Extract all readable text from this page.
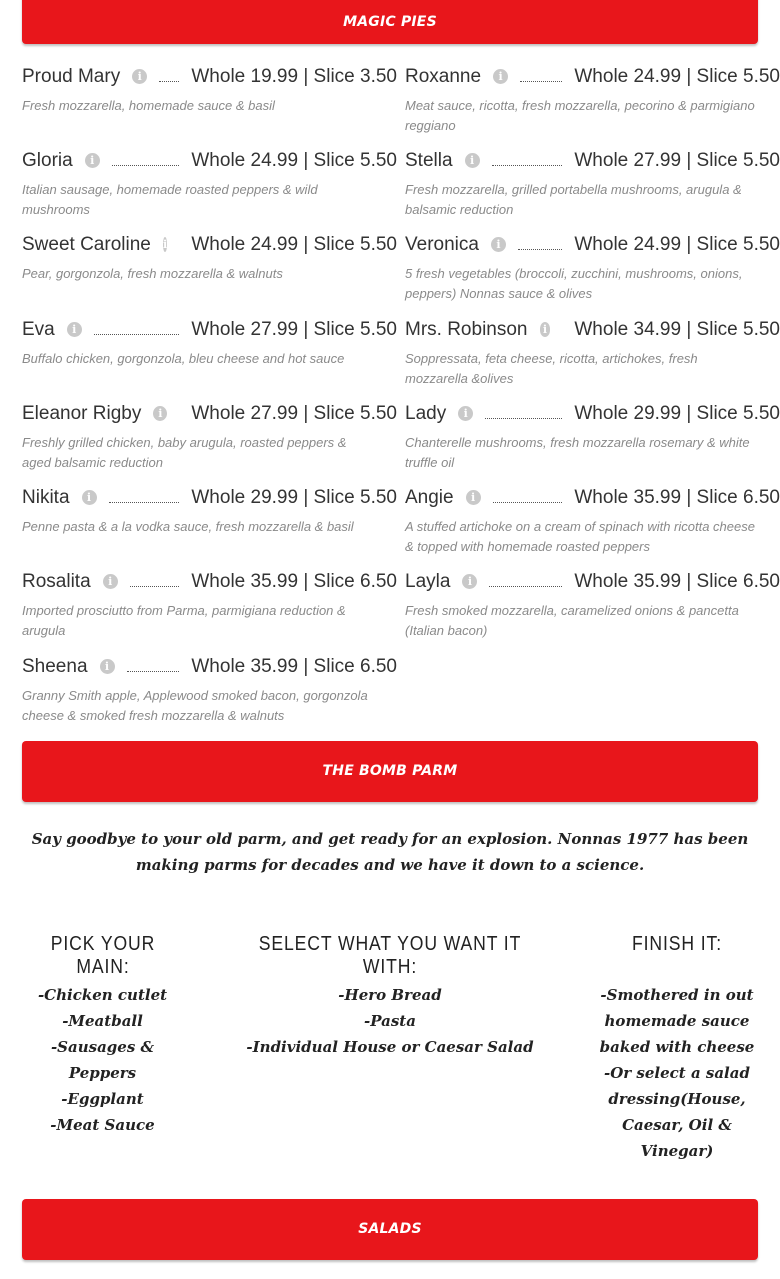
MAGIC PIES
Proud Mary	i	Whole 19.99 | Slice 3.50
Fresh mozzarella, homemade sauce & basil
Roxanne	i	Whole 24.99 | Slice 5.50
Meat sauce, ricotta, fresh mozzarella, pecorino & parmigiano reggiano
Gloria	i	Whole 24.99 | Slice 5.50
Italian sausage, homemade roasted peppers & wild mushrooms
Stella	i	Whole 27.99 | Slice 5.50
Fresh mozzarella, grilled portabella mushrooms, arugula & balsamic reduction
Sweet Caroline i Whole 24.99 | Slice 5.50
Pear, gorgonzola, fresh mozzarella & walnuts
Veronica	i	Whole 24.99 | Slice 5.50
5 fresh vegetables (broccoli, zucchini, mushrooms, onions, peppers) Nonnas sauce & olives
Eva	i	Whole 27.99 | Slice 5.50
Buffalo chicken, gorgonzola, bleu cheese and hot sauce
Mrs. Robinson	i Whole 34.99 | Slice 5.50
Soppressata, feta cheese, ricotta, artichokes, fresh mozzarella &olives
Eleanor Rigby	i Whole 27.99 | Slice 5.50
Freshly grilled chicken, baby arugula, roasted peppers & aged balsamic reduction
Lady	i	Whole 29.99 | Slice 5.50
Chanterelle mushrooms, fresh mozzarella rosemary & white truffle oil
Nikita	i	Whole 29.99 | Slice 5.50
Penne pasta & a la vodka sauce, fresh mozzarella & basil
Angie	i	Whole 35.99 | Slice 6.50
A stuffed artichoke on a cream of spinach with ricotta cheese & topped with homemade roasted peppers
Rosalita	i	Whole 35.99 | Slice 6.50
Imported prosciutto from Parma, parmigiana reduction & arugula
Layla	i	Whole 35.99 | Slice 6.50
Fresh smoked mozzarella, caramelized onions & pancetta (Italian bacon)
Sheena	i	Whole 35.99 | Slice 6.50
Granny Smith apple, Applewood smoked bacon, gorgonzola cheese & smoked fresh mozzarella & walnuts
THE BOMB PARM
Say goodbye to your old parm, and get ready for an explosion. Nonnas 1977 has been making parms for decades and we have it down to a science.
PICK YOUR MAIN:
SELECT WHAT YOU WANT IT WITH:
FINISH IT:
-Chicken cutlet
-Meatball
-Sausages & Peppers
-Eggplant
-Meat Sauce
-Hero Bread
-Pasta
-Individual House or Caesar Salad
-Smothered in out homemade sauce baked with cheese
-Or select a salad dressing(House, Caesar, Oil & Vinegar)
SALADS
